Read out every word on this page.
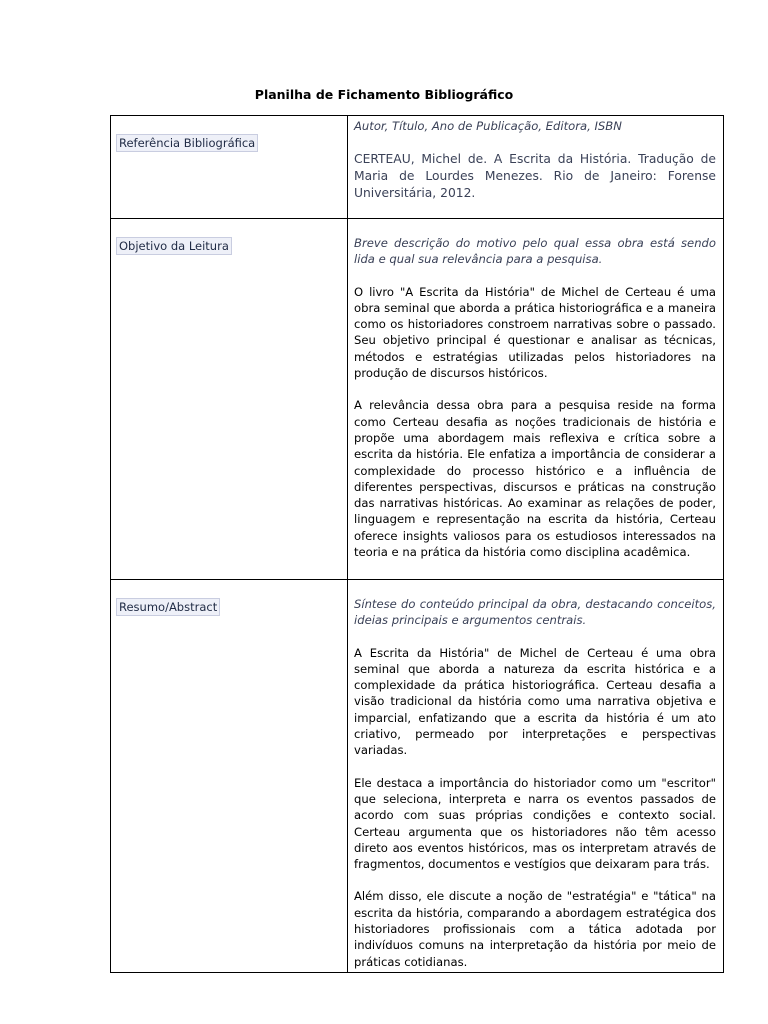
Planilha de Fichamento Bibliográfico
Referência Bibliográfica	Autor, Título, Ano de Publicação, Editora, ISBN

CERTEAU, Michel de. A Escrita da História. Tradução de Maria de Lourdes Menezes. Rio de Janeiro: Forense Universitária, 2012.

Objetivo da Leitura	Breve descrição do motivo pelo qual essa obra está sendo lida e qual sua relevância para a pesquisa.

O livro "A Escrita da História" de Michel de Certeau é uma obra seminal que aborda a prática historiográfica e a maneira como os historiadores constroem narrativas sobre o passado. Seu objetivo principal é questionar e analisar as técnicas, métodos e estratégias utilizadas pelos historiadores na produção de discursos históricos.

A relevância dessa obra para a pesquisa reside na forma como Certeau desafia as noções tradicionais de história e propõe uma abordagem mais reflexiva e crítica sobre a escrita da história. Ele enfatiza a importância de considerar a complexidade do processo histórico e a influência de diferentes perspectivas, discursos e práticas na construção das narrativas históricas. Ao examinar as relações de poder, linguagem e representação na escrita da história, Certeau oferece insights valiosos para os estudiosos interessados na teoria e na prática da história como disciplina acadêmica.

Resumo/Abstract	Síntese do conteúdo principal da obra, destacando conceitos, ideias principais e argumentos centrais.

A Escrita da História" de Michel de Certeau é uma obra seminal que aborda a natureza da escrita histórica e a complexidade da prática historiográfica. Certeau desafia a visão tradicional da história como uma narrativa objetiva e imparcial, enfatizando que a escrita da história é um ato criativo, permeado por interpretações e perspectivas variadas.

Ele destaca a importância do historiador como um "escritor" que seleciona, interpreta e narra os eventos passados de acordo com suas próprias condições e contexto social. Certeau argumenta que os historiadores não têm acesso direto aos eventos históricos, mas os interpretam através de fragmentos, documentos e vestígios que deixaram para trás.

Além disso, ele discute a noção de "estratégia" e "tática" na escrita da história, comparando a abordagem estratégica dos historiadores profissionais com a tática adotada por indivíduos comuns na interpretação da história por meio de práticas cotidianas.
